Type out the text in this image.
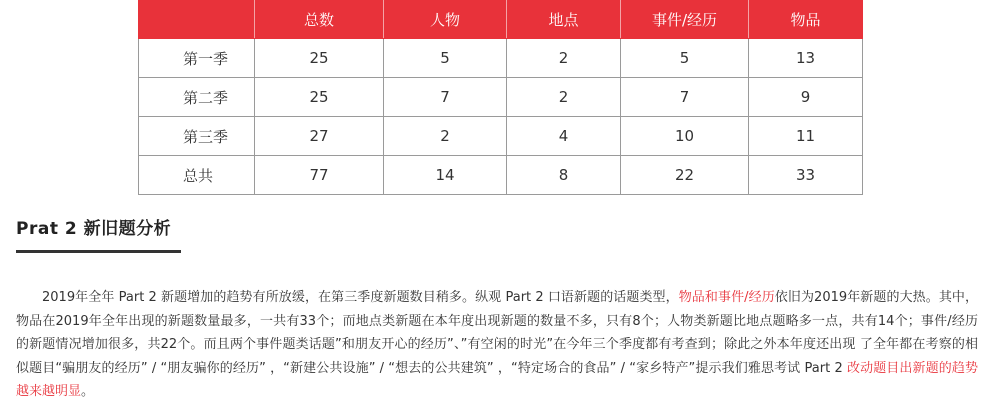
	总数	人物	地点	事件/经历	物品
第一季	25	5	2	5	13
第二季	25	7	2	7	9
第三季	27	2	4	10	11
总共	77	14	8	22	33
Prat 2 新旧题分析

2019年全年 Part 2 新题增加的趋势有所放缓，在第三季度新题数目稍多。纵观 Part 2 口语新题的话题类型，物品和事件/经历依旧为2019年新题的大热。其中，物品在2019年全年出现的新题数量最多，一共有33个；而地点类新题在本年度出现新题的数量不多，只有8个；人物类新题比地点题略多一点，共有14个；事件/经历的新题情况增加很多，共22个。而且两个事件题类话题”和朋友开心的经历”、”有空闲的时光”在今年三个季度都有考查到；除此之外本年度还出现 了全年都在考察的相似题目“骗朋友的经历” / “朋友骗你的经历” ，“新建公共设施” / “想去的公共建筑” ，“特定场合的食品” / “家乡特产”提示我们雅思考试 Part 2 改动题目出新题的趋势越来越明显。
